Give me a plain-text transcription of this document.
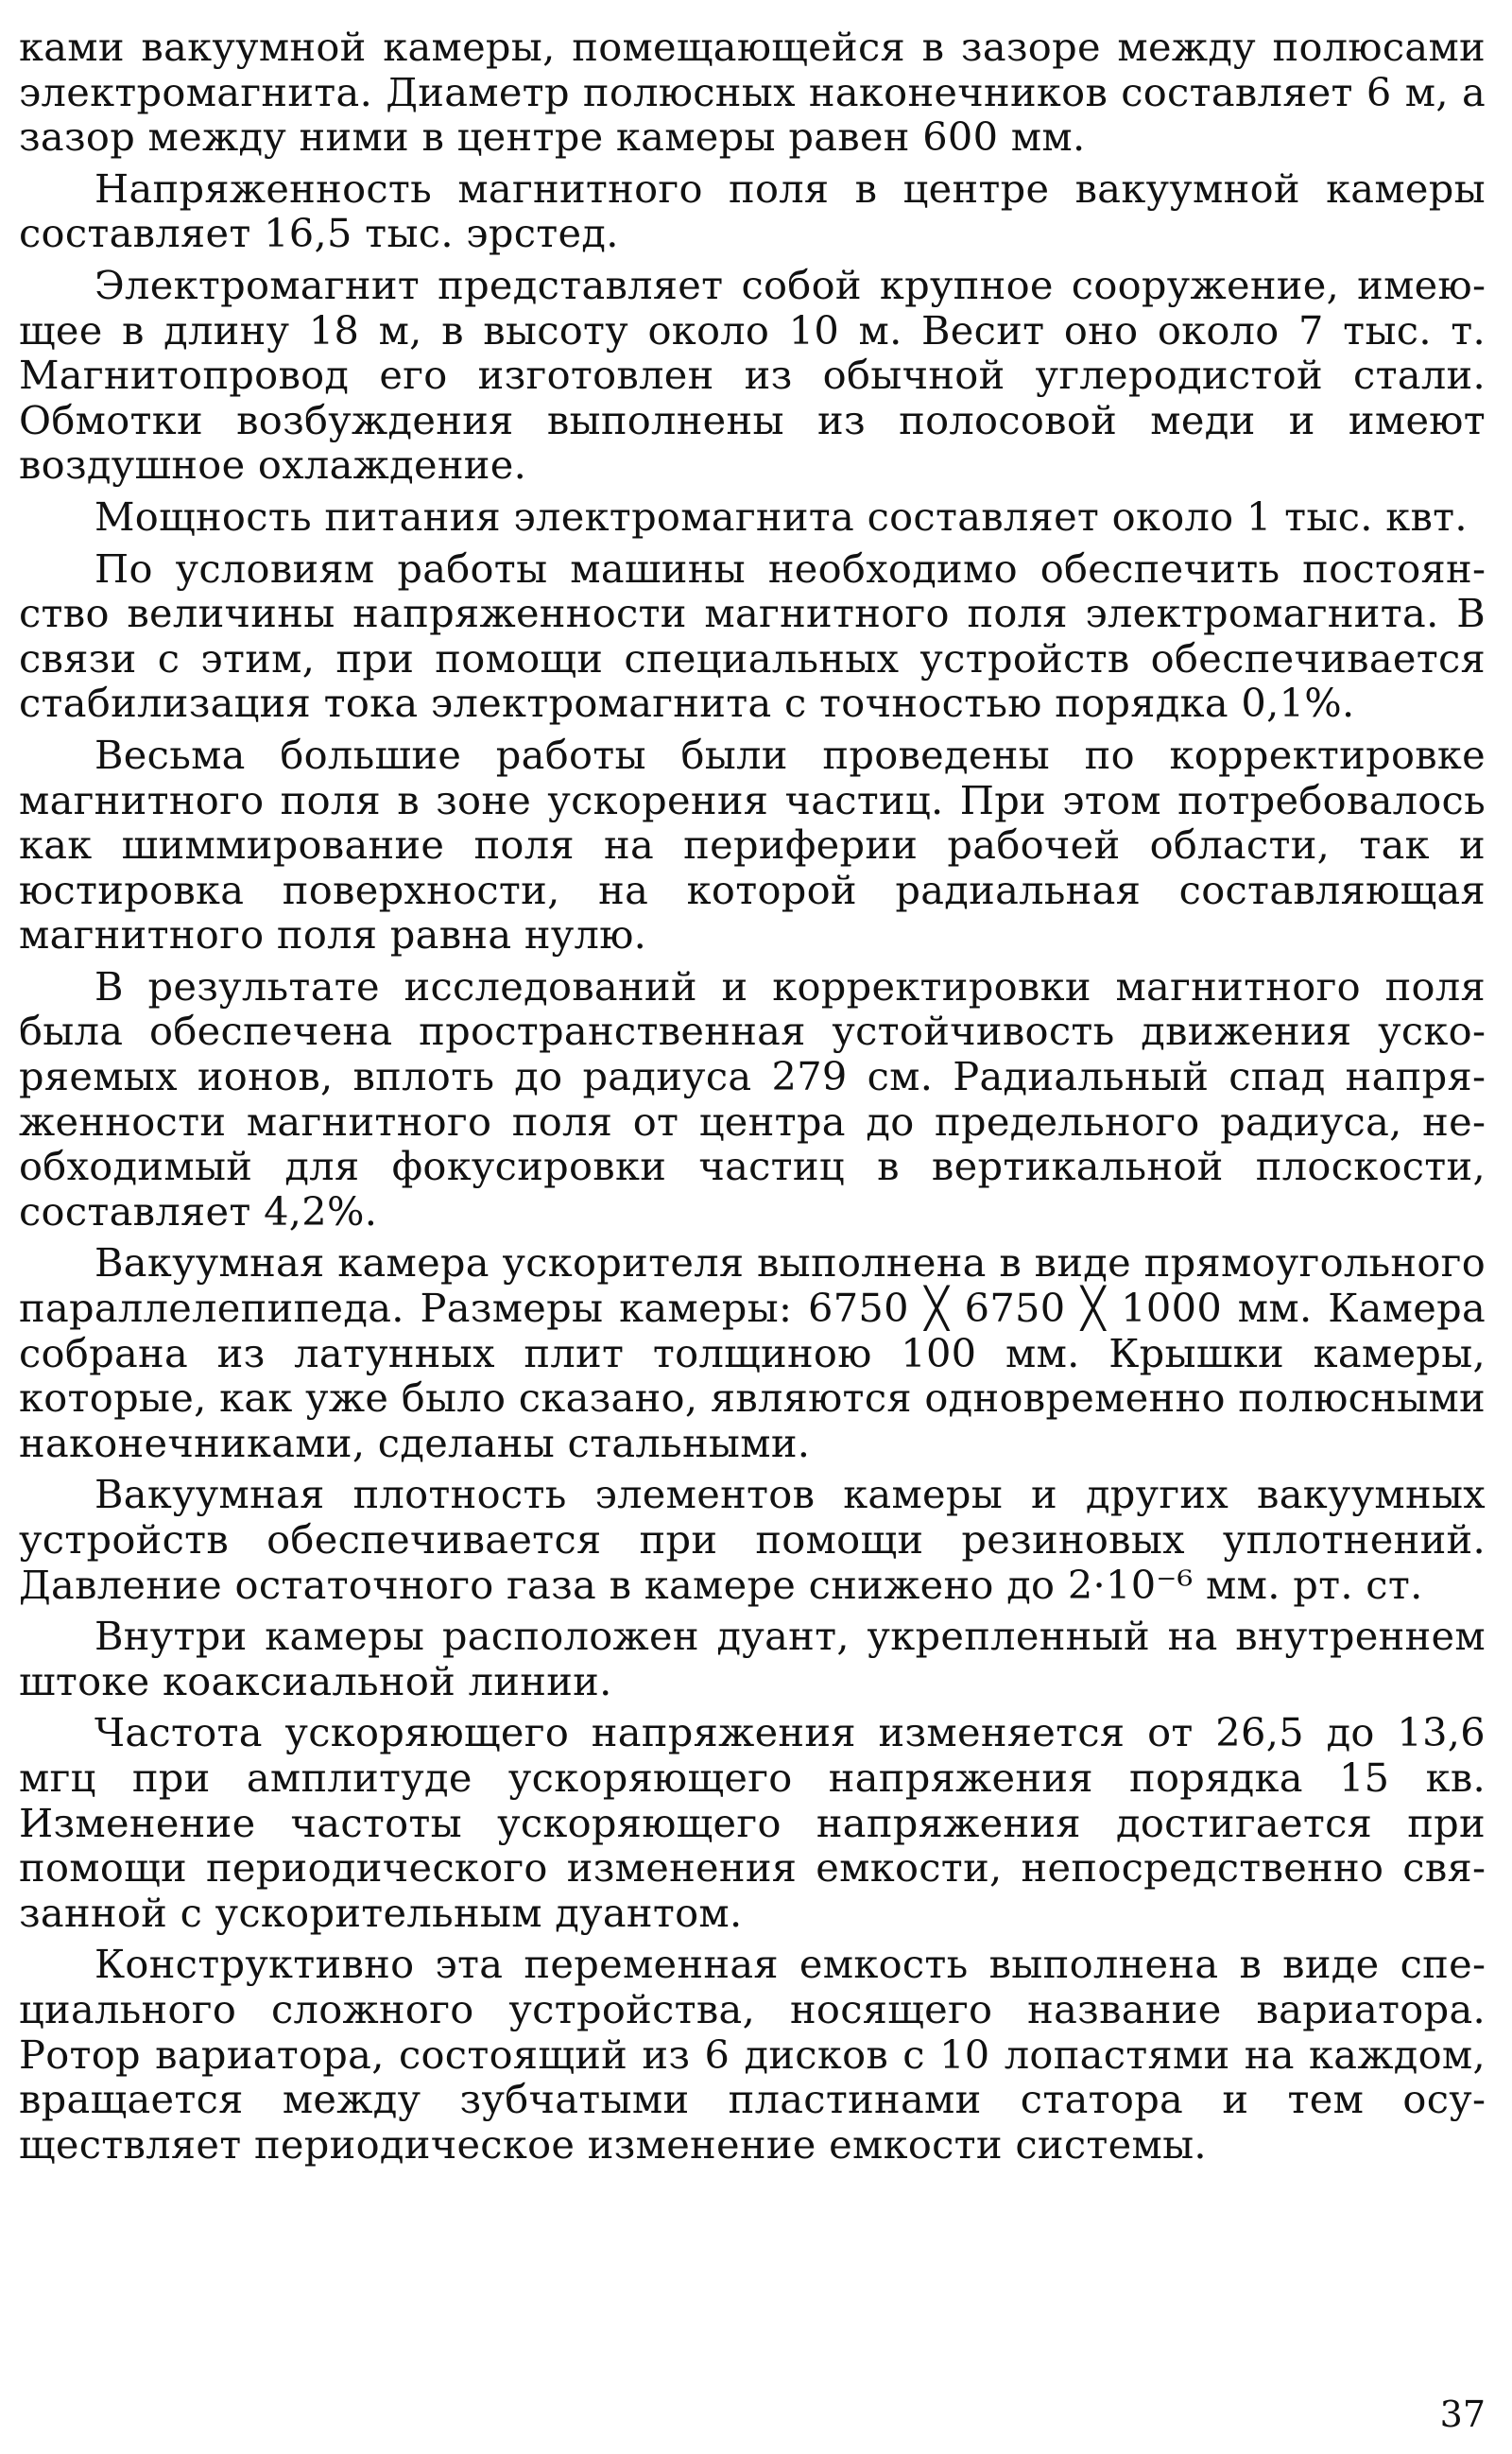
ками вакуумной камеры, помещающейся в зазоре между полюсами электромагнита. Диаметр полюсных наконечников составляет 6 м, а зазор между ними в центре камеры равен 600 мм.

Напряженность магнитного поля в центре вакуумной камеры составляет 16,5 тыс. эрстед.

Электромагнит представляет собой крупное сооружение, имеющее в длину 18 м, в высоту около 10 м. Весит оно около 7 тыс. т. Магнитопровод его изготовлен из обычной углеродистой стали. Обмотки возбуждения выполнены из полосовой меди и имеют воздушное охлаждение.

Мощность питания электромагнита составляет около 1 тыс. квт.

По условиям работы машины необходимо обеспечить постоянство величины напряженности магнитного поля электромагнита. В связи с этим, при помощи специальных устройств обеспечивается стабилизация тока электромагнита с точностью порядка 0,1%.

Весьма большие работы были проведены по корректировке магнитного поля в зоне ускорения частиц. При этом потребовалось как шиммирование поля на периферии рабочей области, так и юстировка поверхности, на которой радиальная составляющая магнитного поля равна нулю.

В результате исследований и корректировки магнитного поля была обеспечена пространственная устойчивость движения ускоряемых ионов, вплоть до радиуса 279 см. Радиальный спад напряженности магнитного поля от центра до предельного радиуса, необходимый для фокусировки частиц в вертикальной плоскости, составляет 4,2%.

Вакуумная камера ускорителя выполнена в виде прямоугольного параллелепипеда. Размеры камеры: 6750 ╳ 6750 ╳ 1000 мм. Камера собрана из латунных плит толщиною 100 мм. Крышки камеры, которые, как уже было сказано, являются одновременно полюсными наконечниками, сделаны стальными.

Вакуумная плотность элементов камеры и других вакуумных устройств обеспечивается при помощи резиновых уплотнений. Давление остаточного газа в камере снижено до 2·10⁻⁶ мм. рт. ст.

Внутри камеры расположен дуант, укрепленный на внутреннем штоке коаксиальной линии.

Частота ускоряющего напряжения изменяется от 26,5 до 13,6 мгц при амплитуде ускоряющего напряжения порядка 15 кв. Изменение частоты ускоряющего напряжения достигается при помощи периодического изменения емкости, непосредственно связанной с ускорительным дуантом.

Конструктивно эта переменная емкость выполнена в виде специального сложного устройства, носящего название вариатора. Ротор вариатора, состоящий из 6 дисков с 10 лопастями на каждом, вращается между зубчатыми пластинами статора и тем осуществляет периодическое изменение емкости системы.

37
